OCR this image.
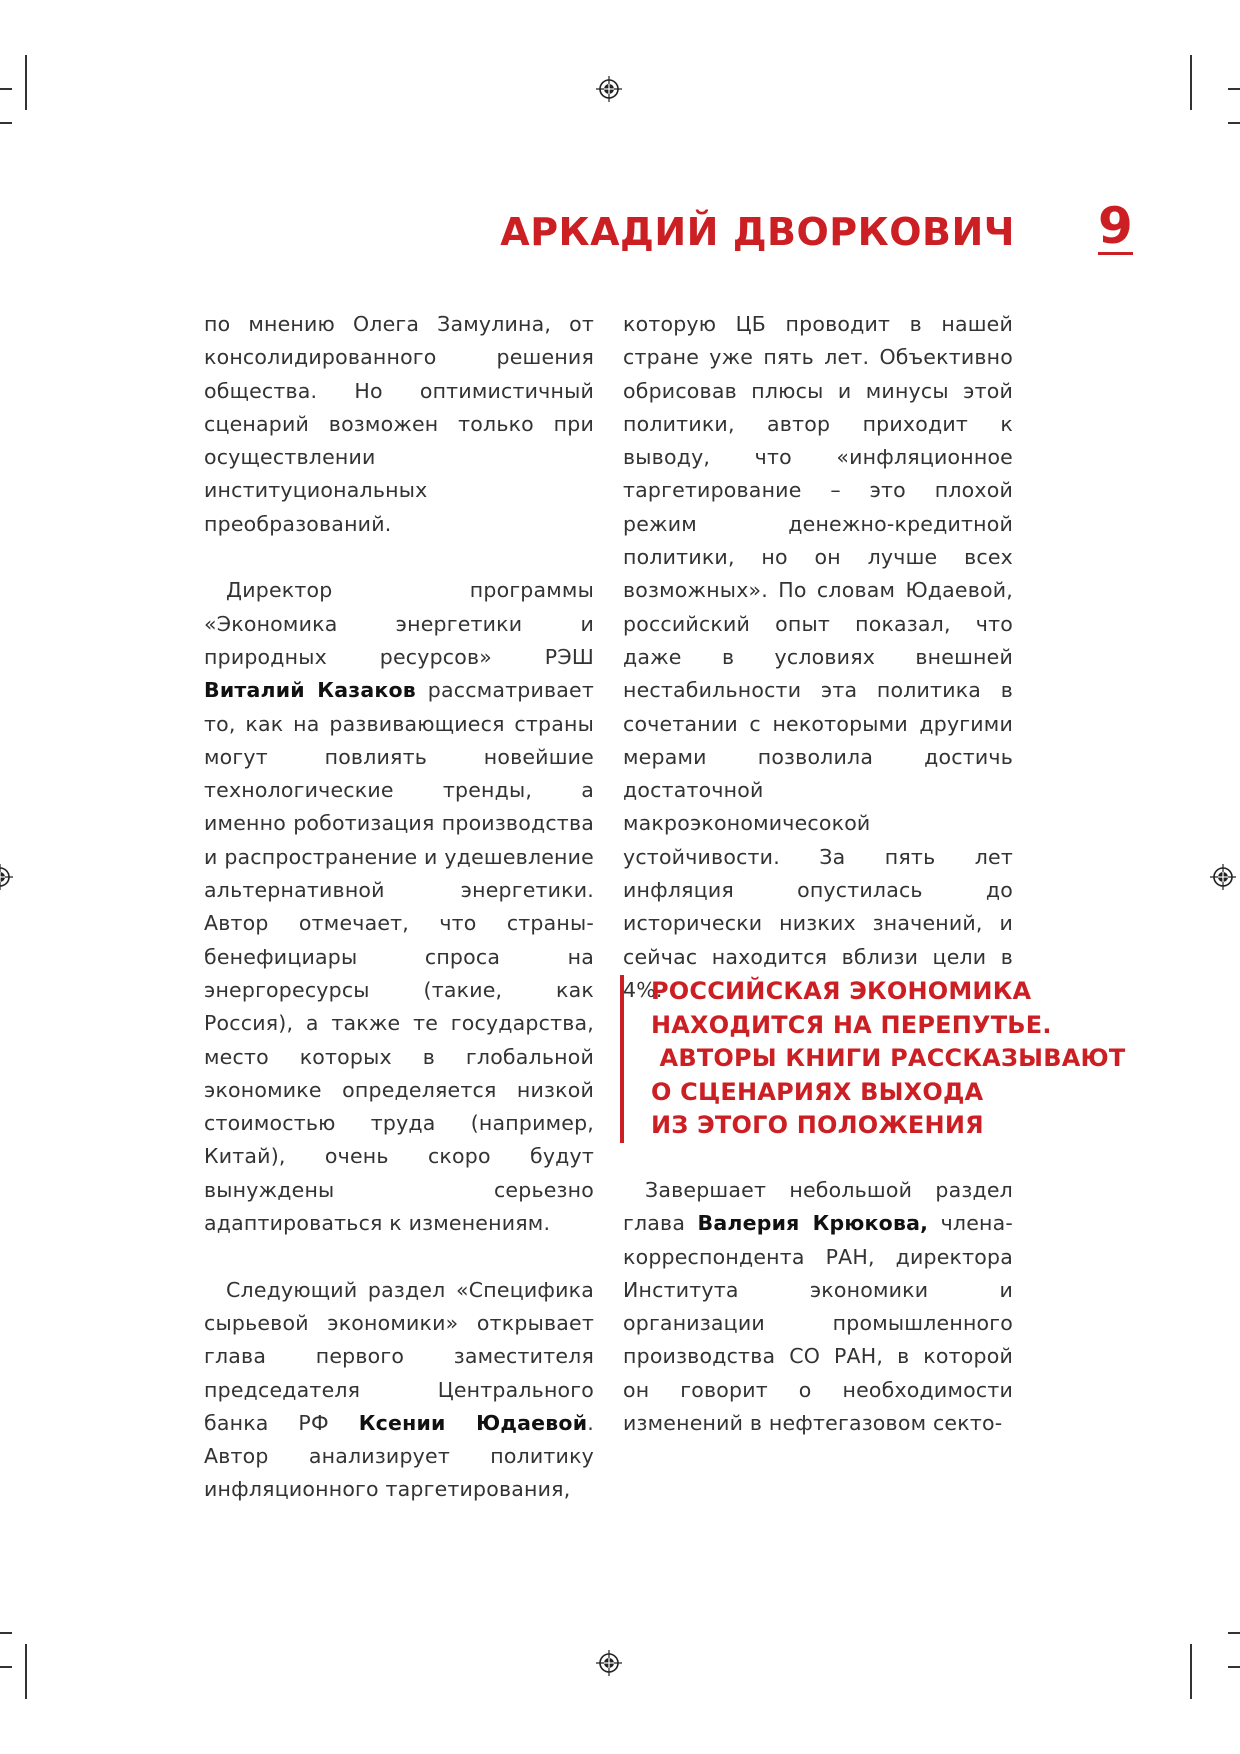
АРКАДИЙ ДВОРКОВИЧ 9

по мнению Олега Замулина, от консолидированного решения общества. Но оптимистичный сценарий возможен только при осуществлении институциональных преобразований.

Директор программы «Экономика энергетики и природных ресурсов» РЭШ Виталий Казаков рассматривает то, как на развивающиеся страны могут повлиять новейшие технологические тренды, а именно роботизация производства и распространение и удешевление альтернативной энергетики. Автор отмечает, что страны-бенефициары спроса на энергоресурсы (такие, как Россия), а также те государства, место которых в глобальной экономике определяется низкой стоимостью труда (например, Китай), очень скоро будут вынуждены серьезно адаптироваться к изменениям.

Следующий раздел «Специфика сырьевой экономики» открывает глава первого заместителя председателя Центрального банка РФ Ксении Юдаевой. Автор анализирует политику инфляционного таргетирования,

которую ЦБ проводит в нашей стране уже пять лет. Объективно обрисовав плюсы и минусы этой политики, автор приходит к выводу, что «инфляционное таргетирование – это плохой режим денежно-кредитной политики, но он лучше всех возможных». По словам Юдаевой, российский опыт показал, что даже в условиях внешней нестабильности эта политика в сочетании с некоторыми другими мерами позволила достичь достаточной макроэкономичесокой устойчивости. За пять лет инфляция опустилась до исторически низких значений, и сейчас находится вблизи цели в 4%.

РОССИЙСКАЯ ЭКОНОМИКА
НАХОДИТСЯ НА ПЕРЕПУТЬЕ.
АВТОРЫ КНИГИ РАССКАЗЫВАЮТ
О СЦЕНАРИЯХ ВЫХОДА
ИЗ ЭТОГО ПОЛОЖЕНИЯ

Завершает небольшой раздел глава Валерия Крюкова, члена-корреспондента РАН, директора Института экономики и организации промышленного производства СО РАН, в которой он говорит о необходимости изменений в нефтегазовом секто-
